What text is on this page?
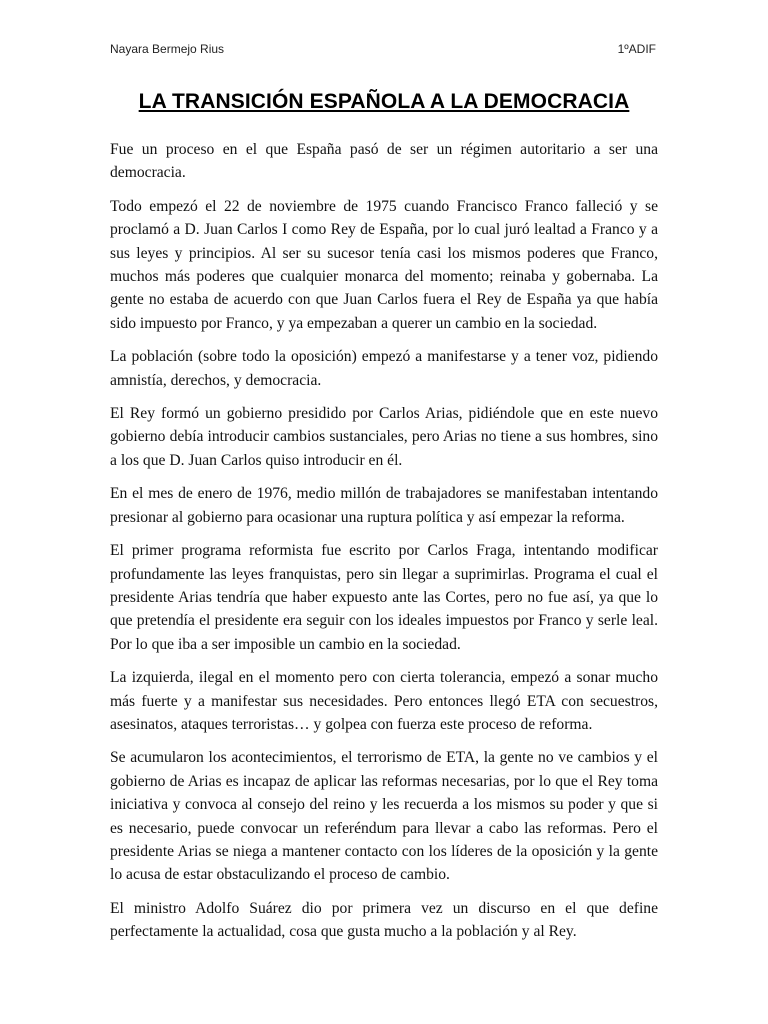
Nayara Bermejo Rius	1ºADIF
LA TRANSICIÓN ESPAÑOLA A LA DEMOCRACIA

Fue un proceso en el que España pasó de ser un régimen autoritario a ser una democracia.

Todo empezó el 22 de noviembre de 1975 cuando Francisco Franco falleció y se proclamó a D. Juan Carlos I como Rey de España, por lo cual juró lealtad a Franco y a sus leyes y principios. Al ser su sucesor tenía casi los mismos poderes que Franco, muchos más poderes que cualquier monarca del momento; reinaba y gobernaba. La gente no estaba de acuerdo con que Juan Carlos fuera el Rey de España ya que había sido impuesto por Franco, y ya empezaban a querer un cambio en la sociedad.

La población (sobre todo la oposición) empezó a manifestarse y a tener voz, pidiendo amnistía, derechos, y democracia.

El Rey formó un gobierno presidido por Carlos Arias, pidiéndole que en este nuevo gobierno debía introducir cambios sustanciales, pero Arias no tiene a sus hombres, sino a los que D. Juan Carlos quiso introducir en él.

En el mes de enero de 1976, medio millón de trabajadores se manifestaban intentando presionar al gobierno para ocasionar una ruptura política y así empezar la reforma.

El primer programa reformista fue escrito por Carlos Fraga, intentando modificar profundamente las leyes franquistas, pero sin llegar a suprimirlas. Programa el cual el presidente Arias tendría que haber expuesto ante las Cortes, pero no fue así, ya que lo que pretendía el presidente era seguir con los ideales impuestos por Franco y serle leal. Por lo que iba a ser imposible un cambio en la sociedad.

La izquierda, ilegal en el momento pero con cierta tolerancia, empezó a sonar mucho más fuerte y a manifestar sus necesidades. Pero entonces llegó ETA con secuestros, asesinatos, ataques terroristas… y golpea con fuerza este proceso de reforma.

Se acumularon los acontecimientos, el terrorismo de ETA, la gente no ve cambios y el gobierno de Arias es incapaz de aplicar las reformas necesarias, por lo que el Rey toma iniciativa y convoca al consejo del reino y les recuerda a los mismos su poder y que si es necesario, puede convocar un referéndum para llevar a cabo las reformas. Pero el presidente Arias se niega a mantener contacto con los líderes de la oposición y la gente lo acusa de estar obstaculizando el proceso de cambio.

El ministro Adolfo Suárez dio por primera vez un discurso en el que define perfectamente la actualidad, cosa que gusta mucho a la población y al Rey.
